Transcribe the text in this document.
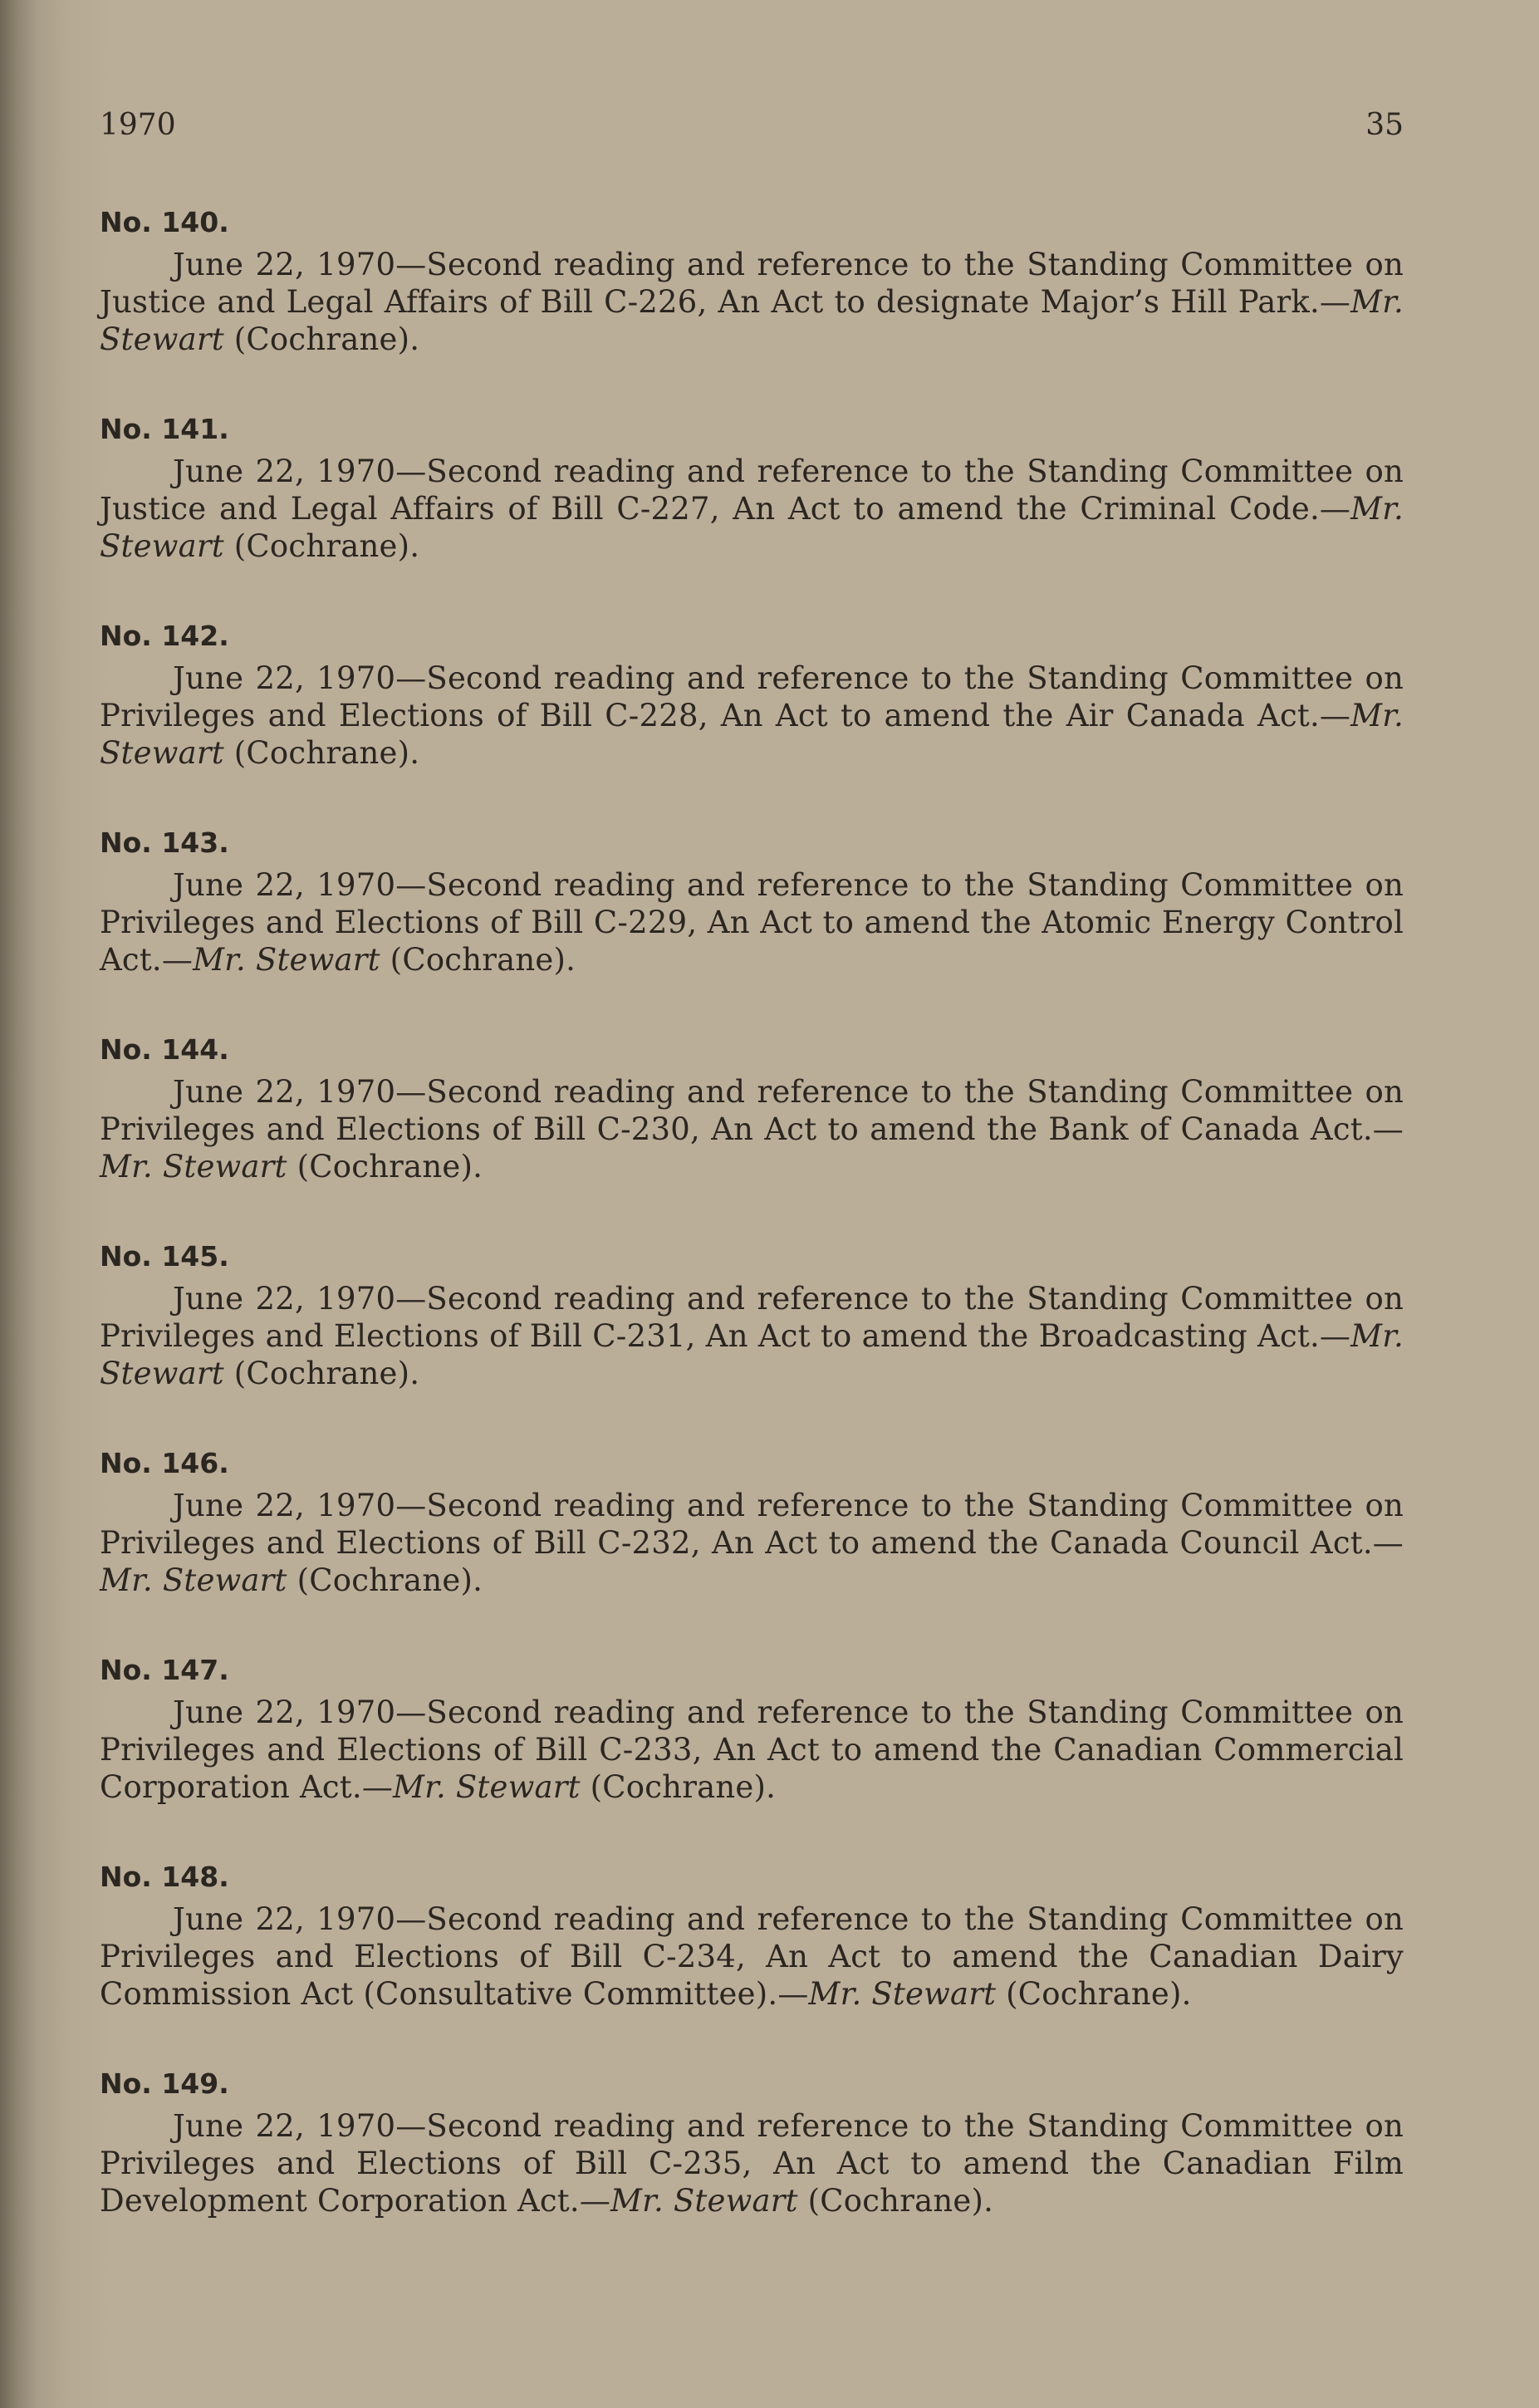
1970	35

No. 140.

June 22, 1970—Second reading and reference to the Standing Committee on Justice and Legal Affairs of Bill C-226, An Act to designate Major’s Hill Park.—Mr. Stewart (Cochrane).

No. 141.

June 22, 1970—Second reading and reference to the Standing Committee on Justice and Legal Affairs of Bill C-227, An Act to amend the Criminal Code.—Mr. Stewart (Cochrane).

No. 142.

June 22, 1970—Second reading and reference to the Standing Committee on Privileges and Elections of Bill C-228, An Act to amend the Air Canada Act.—Mr. Stewart (Cochrane).

No. 143.

June 22, 1970—Second reading and reference to the Standing Committee on Privileges and Elections of Bill C-229, An Act to amend the Atomic Energy Control Act.—Mr. Stewart (Cochrane).

No. 144.

June 22, 1970—Second reading and reference to the Standing Committee on Privileges and Elections of Bill C-230, An Act to amend the Bank of Canada Act.—Mr. Stewart (Cochrane).

No. 145.

June 22, 1970—Second reading and reference to the Standing Committee on Privileges and Elections of Bill C-231, An Act to amend the Broadcasting Act.—Mr. Stewart (Cochrane).

No. 146.

June 22, 1970—Second reading and reference to the Standing Committee on Privileges and Elections of Bill C-232, An Act to amend the Canada Council Act.—Mr. Stewart (Cochrane).

No. 147.

June 22, 1970—Second reading and reference to the Standing Committee on Privileges and Elections of Bill C-233, An Act to amend the Canadian Commercial Corporation Act.—Mr. Stewart (Cochrane).

No. 148.

June 22, 1970—Second reading and reference to the Standing Committee on Privileges and Elections of Bill C-234, An Act to amend the Canadian Dairy Commission Act (Consultative Committee).—Mr. Stewart (Cochrane).

No. 149.

June 22, 1970—Second reading and reference to the Standing Committee on Privileges and Elections of Bill C-235, An Act to amend the Canadian Film Development Corporation Act.—Mr. Stewart (Cochrane).
